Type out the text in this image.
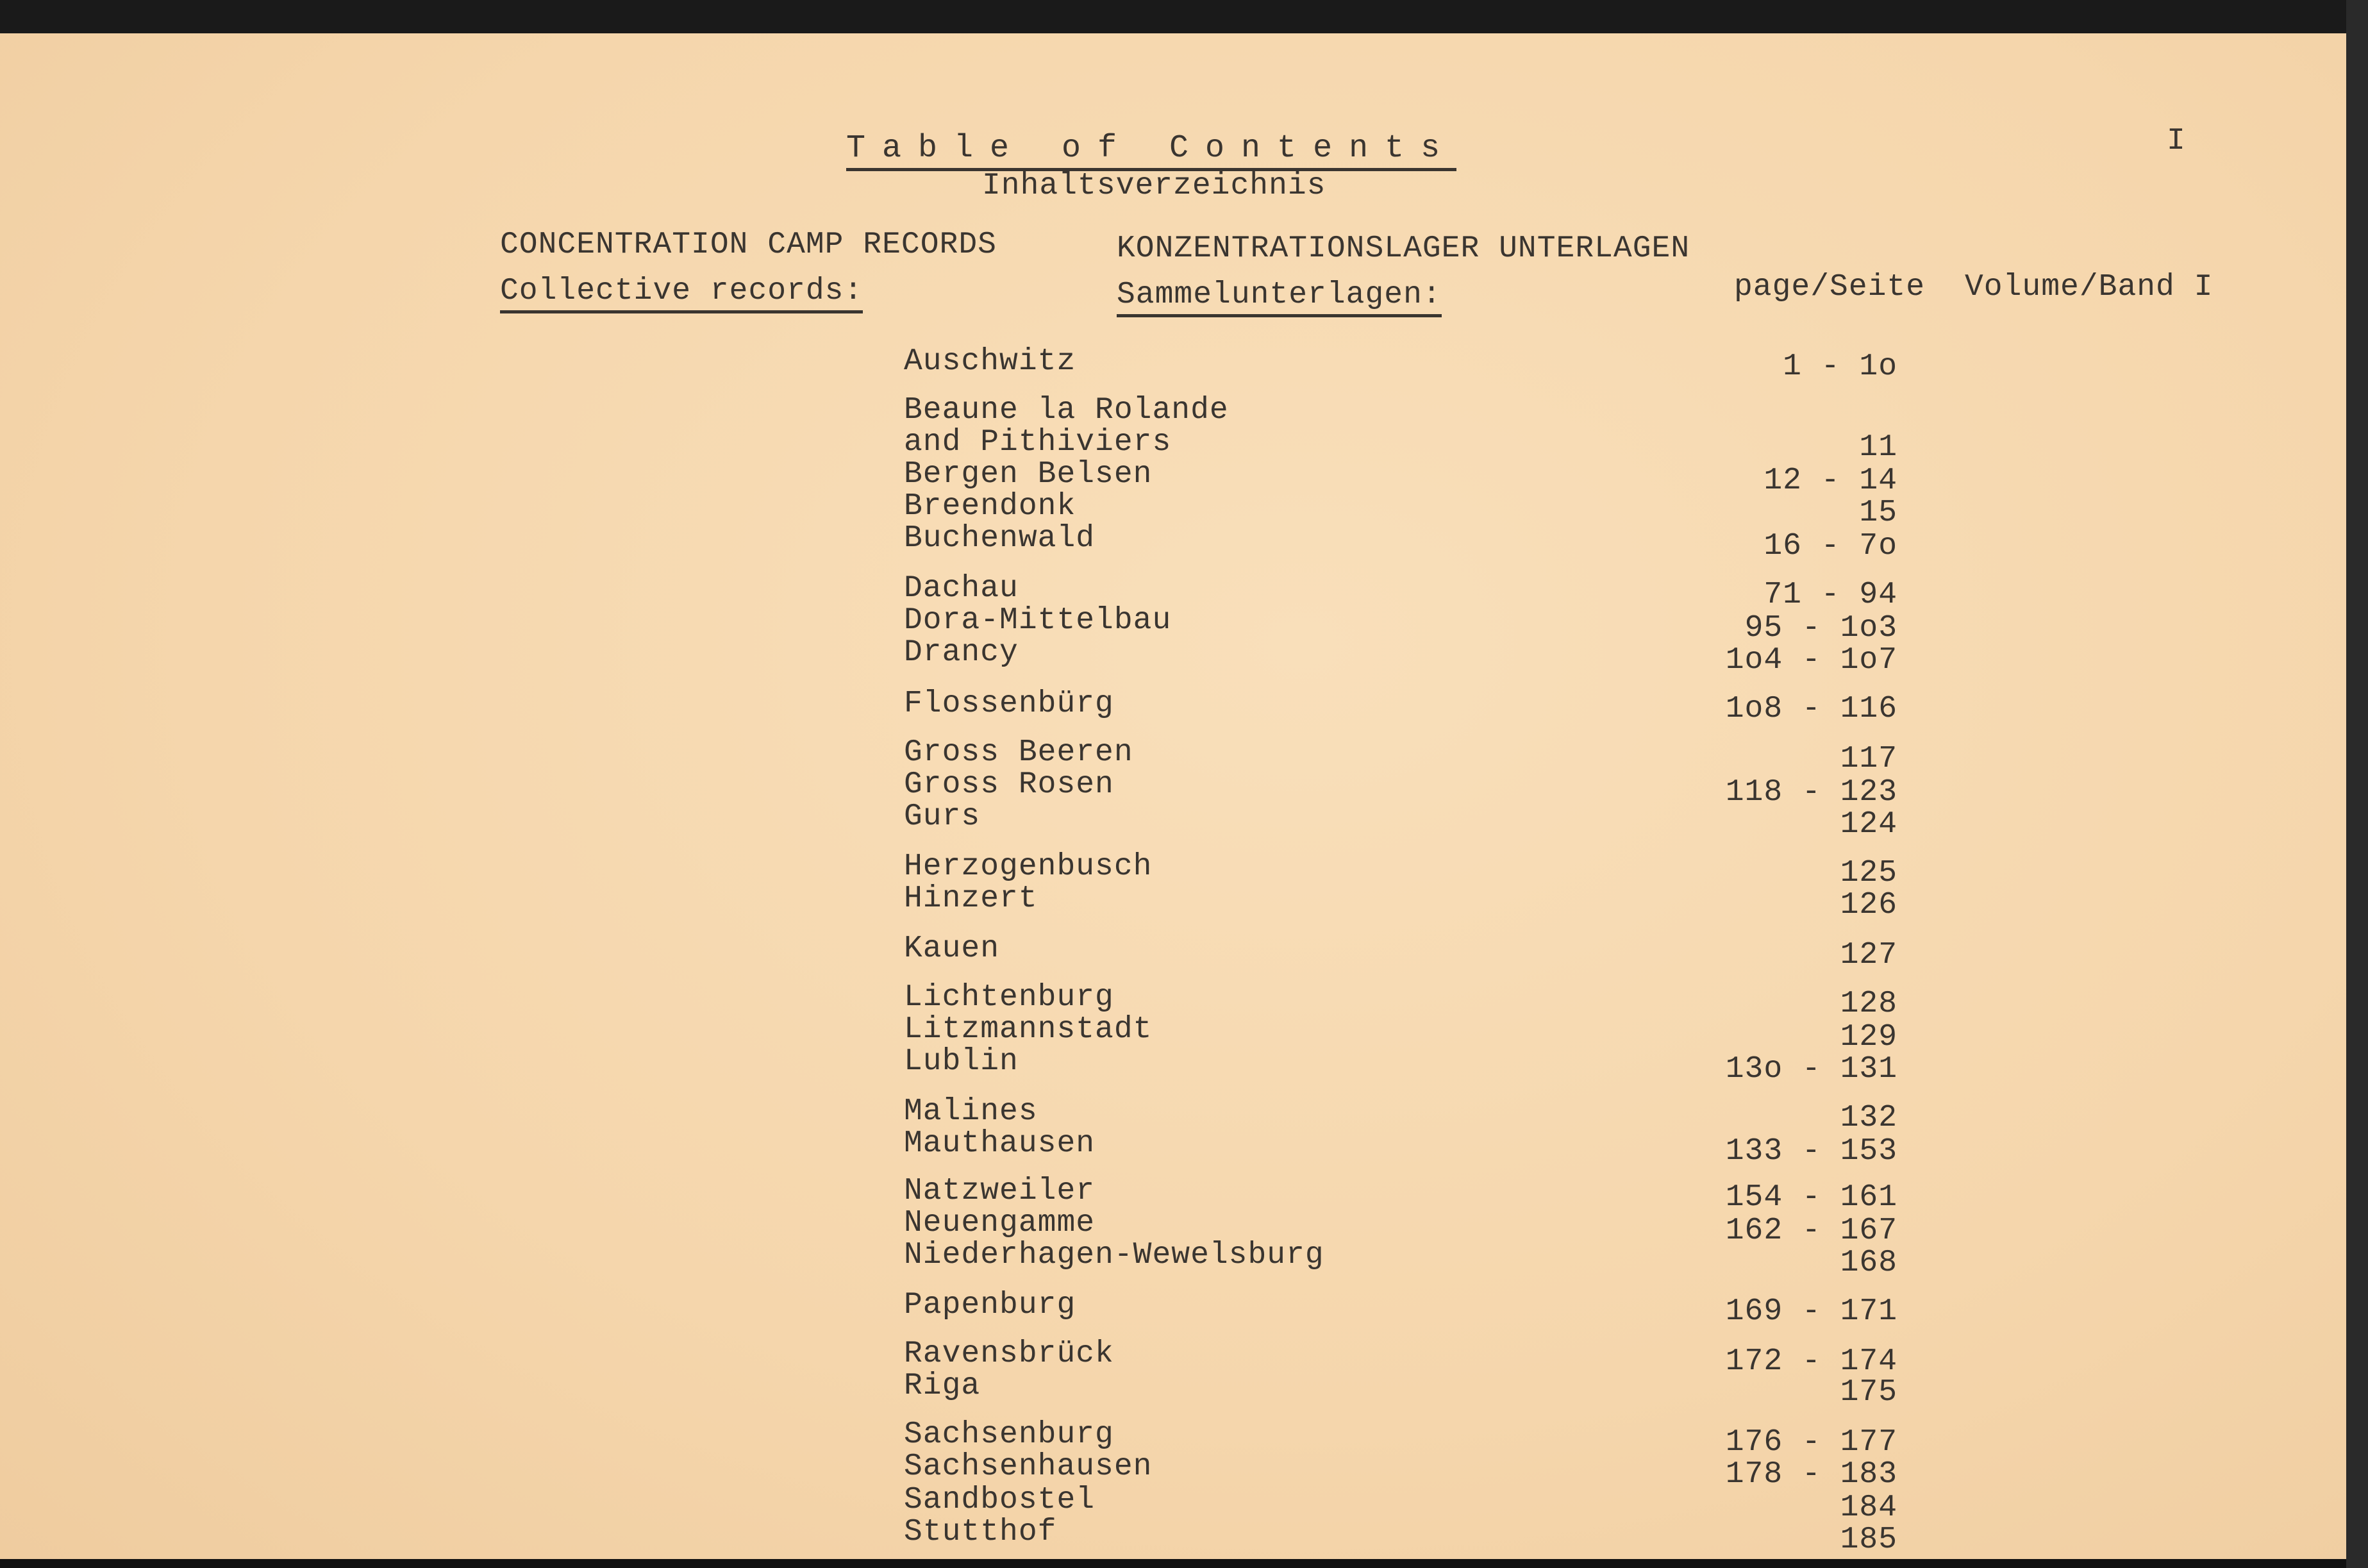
Table of Contents
Inhaltsverzeichnis
I
CONCENTRATION CAMP RECORDS	KONZENTRATIONSLAGER UNTERLAGEN
Collective records:	Sammelunterlagen:	page/Seite Volume/Band I
Auschwitz	1 - 1o
Beaune la Rolande
and Pithiviers	11
Bergen Belsen	12 - 14
Breendonk	15
Buchenwald	16 - 7o
Dachau	71 - 94
Dora-Mittelbau	95 - 1o3
Drancy	1o4 - 1o7
Flossenbürg	1o8 - 116
Gross Beeren	117
Gross Rosen	118 - 123
Gurs	124
Herzogenbusch	125
Hinzert	126
Kauen	127
Lichtenburg	128
Litzmannstadt	129
Lublin	13o - 131
Malines	132
Mauthausen	133 - 153
Natzweiler	154 - 161
Neuengamme	162 - 167
Niederhagen-Wewelsburg	168
Papenburg	169 - 171
Ravensbrück	172 - 174
Riga	175
Sachsenburg	176 - 177
Sachsenhausen	178 - 183
Sandbostel	184
Stutthof	185
